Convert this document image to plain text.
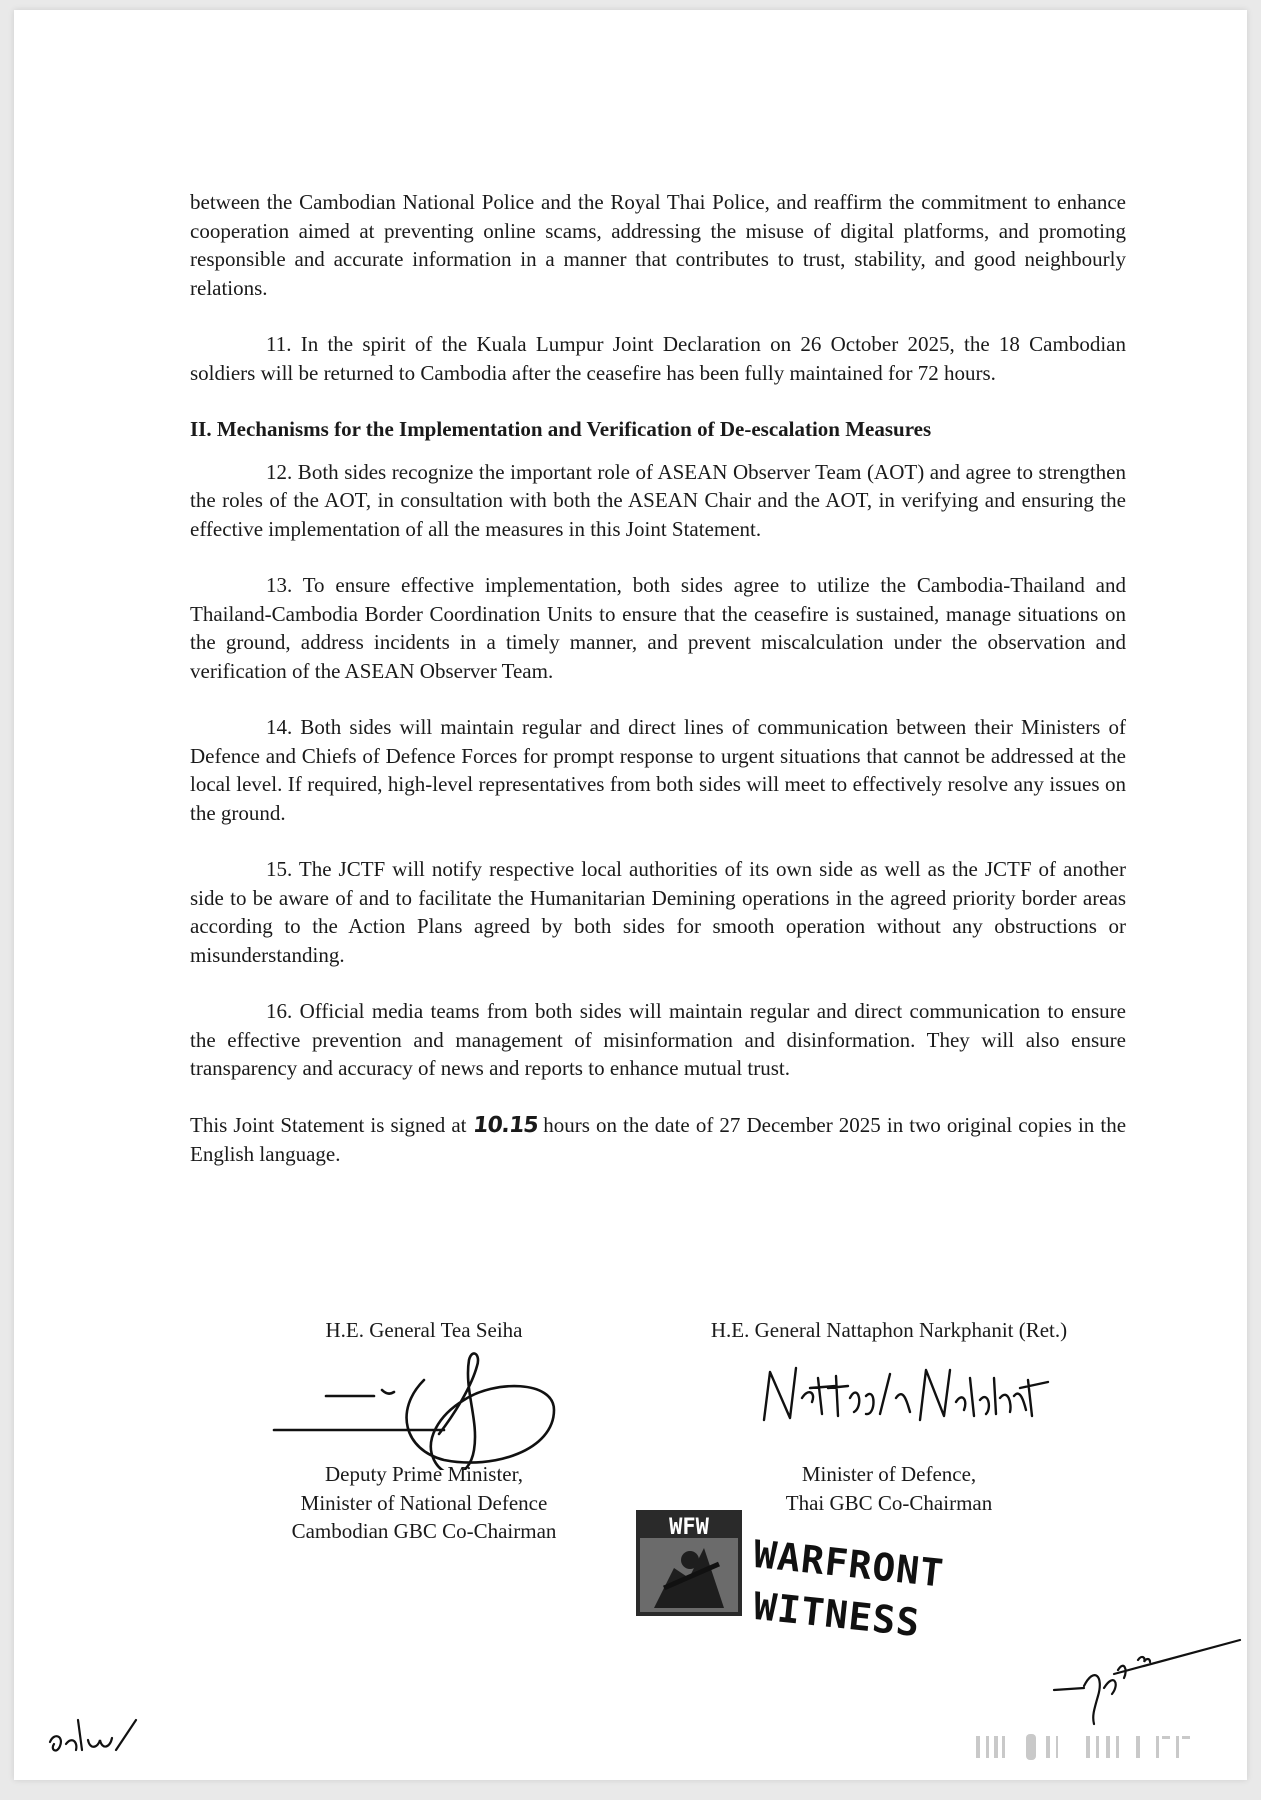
between the Cambodian National Police and the Royal Thai Police, and reaffirm the commitment to enhance cooperation aimed at preventing online scams, addressing the misuse of digital platforms, and promoting responsible and accurate information in a manner that contributes to trust, stability, and good neighbourly relations.

11. In the spirit of the Kuala Lumpur Joint Declaration on 26 October 2025, the 18 Cambodian soldiers will be returned to Cambodia after the ceasefire has been fully maintained for 72 hours.

II. Mechanisms for the Implementation and Verification of De-escalation Measures

12. Both sides recognize the important role of ASEAN Observer Team (AOT) and agree to strengthen the roles of the AOT, in consultation with both the ASEAN Chair and the AOT, in verifying and ensuring the effective implementation of all the measures in this Joint Statement.

13. To ensure effective implementation, both sides agree to utilize the Cambodia-Thailand and Thailand-Cambodia Border Coordination Units to ensure that the ceasefire is sustained, manage situations on the ground, address incidents in a timely manner, and prevent miscalculation under the observation and verification of the ASEAN Observer Team.

14. Both sides will maintain regular and direct lines of communication between their Ministers of Defence and Chiefs of Defence Forces for prompt response to urgent situations that cannot be addressed at the local level. If required, high-level representatives from both sides will meet to effectively resolve any issues on the ground.

15. The JCTF will notify respective local authorities of its own side as well as the JCTF of another side to be aware of and to facilitate the Humanitarian Demining operations in the agreed priority border areas according to the Action Plans agreed by both sides for smooth operation without any obstructions or misunderstanding.

16. Official media teams from both sides will maintain regular and direct communication to ensure the effective prevention and management of misinformation and disinformation. They will also ensure transparency and accuracy of news and reports to enhance mutual trust.

This Joint Statement is signed at 10.15 hours on the date of 27 December 2025 in two original copies in the English language.

H.E. General Tea Seiha
Deputy Prime Minister,
Minister of National Defence
Cambodian GBC Co-Chairman
H.E. General Nattaphon Narkphanit (Ret.)
Minister of Defence,
Thai GBC Co-Chairman
WFW
WARFRONT
WITNESS
